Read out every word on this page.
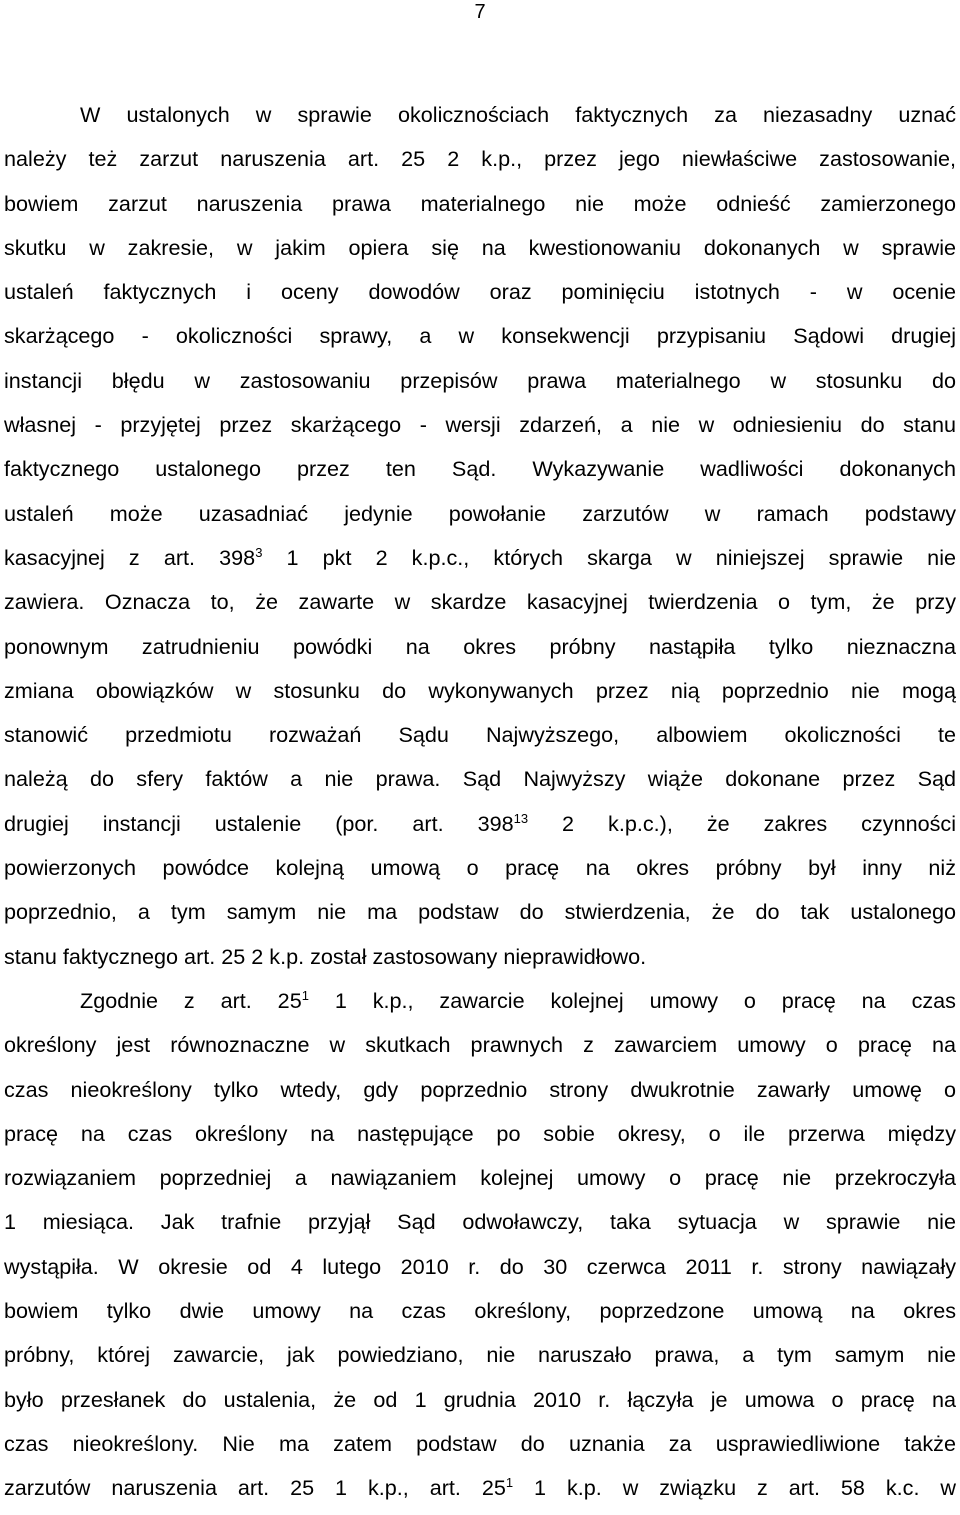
7
W ustalonych w sprawie okolicznościach faktycznych za niezasadny uznać
należy też zarzut naruszenia art. 25 2 k.p., przez jego niewłaściwe zastosowanie,
bowiem zarzut naruszenia prawa materialnego nie może odnieść zamierzonego
skutku w zakresie, w jakim opiera się na kwestionowaniu dokonanych w sprawie
ustaleń faktycznych i oceny dowodów oraz pominięciu istotnych - w ocenie
skarżącego - okoliczności sprawy, a w konsekwencji przypisaniu Sądowi drugiej
instancji błędu w zastosowaniu przepisów prawa materialnego w stosunku do
własnej - przyjętej przez skarżącego - wersji zdarzeń, a nie w odniesieniu do stanu
faktycznego ustalonego przez ten Sąd. Wykazywanie wadliwości dokonanych
ustaleń może uzasadniać jedynie powołanie zarzutów w ramach podstawy
kasacyjnej z art. $398^3$ 1 pkt 2 k.p.c., których skarga w niniejszej sprawie nie
zawiera. Oznacza to, że zawarte w skardze kasacyjnej twierdzenia o tym, że przy
ponownym zatrudnieniu powódki na okres próbny nastąpiła tylko nieznaczna
zmiana obowiązków w stosunku do wykonywanych przez nią poprzednio nie mogą
stanowić przedmiotu rozważań Sądu Najwyższego, albowiem okoliczności te
należą do sfery faktów a nie prawa. Sąd Najwyższy wiąże dokonane przez Sąd
drugiej instancji ustalenie (por. art. $398^{13}$ 2 k.p.c.), że zakres czynności
powierzonych powódce kolejną umową o pracę na okres próbny był inny niż
poprzednio, a tym samym nie ma podstaw do stwierdzenia, że do tak ustalonego
stanu faktycznego art. 25 2 k.p. został zastosowany nieprawidłowo.
Zgodnie z art. $25^1$ 1 k.p., zawarcie kolejnej umowy o pracę na czas
określony jest równoznaczne w skutkach prawnych z zawarciem umowy o pracę na
czas nieokreślony tylko wtedy, gdy poprzednio strony dwukrotnie zawarły umowę o
pracę na czas określony na następujące po sobie okresy, o ile przerwa między
rozwiązaniem poprzedniej a nawiązaniem kolejnej umowy o pracę nie przekroczyła
1 miesiąca. Jak trafnie przyjął Sąd odwoławczy, taka sytuacja w sprawie nie
wystąpiła. W okresie od 4 lutego 2010 r. do 30 czerwca 2011 r. strony nawiązały
bowiem tylko dwie umowy na czas określony, poprzedzone umową na okres
próbny, której zawarcie, jak powiedziano, nie naruszało prawa, a tym samym nie
było przesłanek do ustalenia, że od 1 grudnia 2010 r. łączyła je umowa o pracę na
czas nieokreślony. Nie ma zatem podstaw do uznania za usprawiedliwione także
zarzutów naruszenia art. 25 1 k.p., art. $25^1$ 1 k.p. w związku z art. 58 k.c. w
